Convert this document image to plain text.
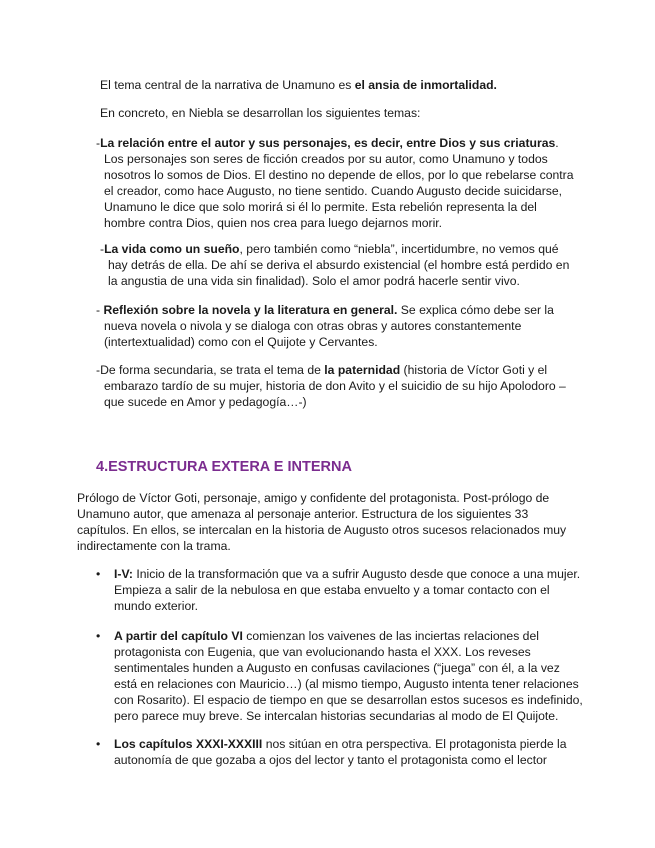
El tema central de la narrativa de Unamuno es el ansia de inmortalidad.

En concreto, en Niebla se desarrollan los siguientes temas:

-La relación entre el autor y sus personajes, es decir, entre Dios y sus criaturas. Los personajes son seres de ficción creados por su autor, como Unamuno y todos nosotros lo somos de Dios. El destino no depende de ellos, por lo que rebelarse contra el creador, como hace Augusto, no tiene sentido. Cuando Augusto decide suicidarse, Unamuno le dice que solo morirá si él lo permite. Esta rebelión representa la del hombre contra Dios, quien nos crea para luego dejarnos morir.

-La vida como un sueño, pero también como “niebla”, incertidumbre, no vemos qué hay detrás de ella. De ahí se deriva el absurdo existencial (el hombre está perdido en la angustia de una vida sin finalidad). Solo el amor podrá hacerle sentir vivo.

- Reflexión sobre la novela y la literatura en general. Se explica cómo debe ser la nueva novela o nivola y se dialoga con otras obras y autores constantemente (intertextualidad) como con el Quijote y Cervantes.

-De forma secundaria, se trata el tema de la paternidad (historia de Víctor Goti y el embarazo tardío de su mujer, historia de don Avito y el suicidio de su hijo Apolodoro – que sucede en Amor y pedagogía…-)

4.ESTRUCTURA EXTERA E INTERNA

Prólogo de Víctor Goti, personaje, amigo y confidente del protagonista. Post-prólogo de Unamuno autor, que amenaza al personaje anterior. Estructura de los siguientes 33 capítulos. En ellos, se intercalan en la historia de Augusto otros sucesos relacionados muy indirectamente con la trama.

•	I-V: Inicio de la transformación que va a sufrir Augusto desde que conoce a una mujer. Empieza a salir de la nebulosa en que estaba envuelto y a tomar contacto con el mundo exterior.
•	A partir del capítulo VI comienzan los vaivenes de las inciertas relaciones del protagonista con Eugenia, que van evolucionando hasta el XXX. Los reveses sentimentales hunden a Augusto en confusas cavilaciones (“juega” con él, a la vez está en relaciones con Mauricio…) (al mismo tiempo, Augusto intenta tener relaciones con Rosarito). El espacio de tiempo en que se desarrollan estos sucesos es indefinido, pero parece muy breve. Se intercalan historias secundarias al modo de El Quijote.
•	Los capítulos XXXI-XXXIII nos sitúan en otra perspectiva. El protagonista pierde la autonomía de que gozaba a ojos del lector y tanto el protagonista como el lector
